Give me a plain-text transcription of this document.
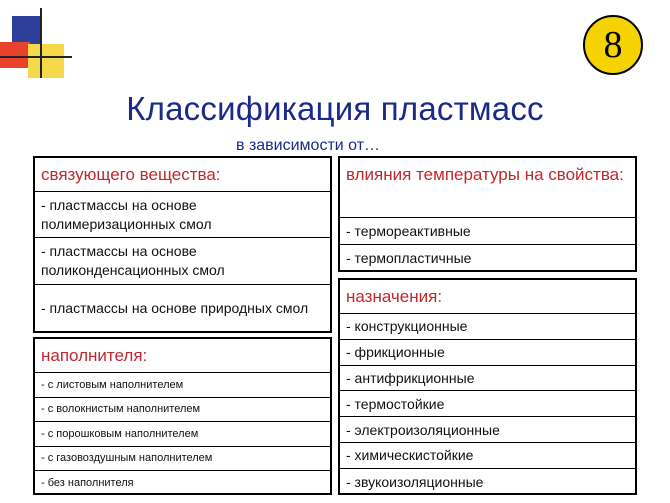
8
Классификация пластмасс
в зависимости от…
связующего вещества:
- пластмассы на основе полимеризационных смол
- пластмассы на основе поликонденсационных смол
- пластмассы на основе природных смол
наполнителя:
- с листовым наполнителем
- с волокнистым наполнителем
- с порошковым наполнителем
- с газовоздушным наполнителем
- без наполнителя
влияния температуры на свойства:
- термореактивные
- термопластичные
назначения:
- конструкционные
- фрикционные
- антифрикционные
- термостойкие
- электроизоляционные
- химическистойкие
- звукоизоляционные
